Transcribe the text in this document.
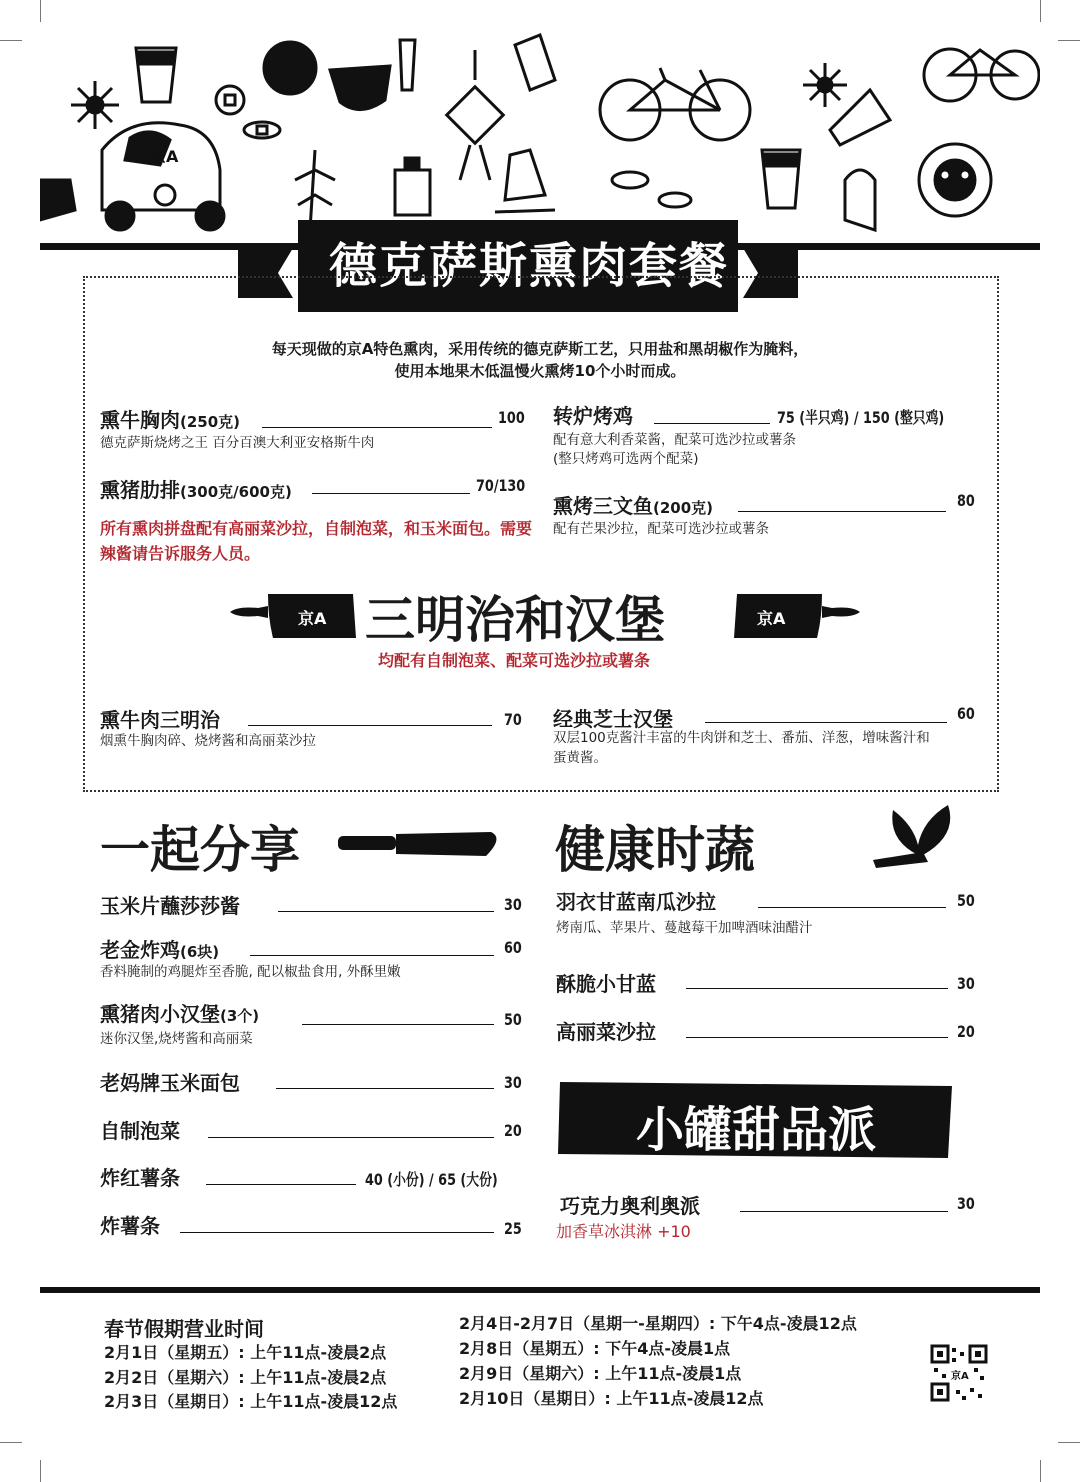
京A
德克萨斯熏肉套餐
每天现做的京A特色熏肉，采用传统的德克萨斯工艺，只用盐和黑胡椒作为腌料，
使用本地果木低温慢火熏烤10个小时而成。
熏牛胸肉(250克)	100
德克萨斯烧烤之王 百分百澳大利亚安格斯牛肉
熏猪肋排(300克/600克)	70/130
所有熏肉拼盘配有高丽菜沙拉，自制泡菜，和玉米面包。需要辣酱请告诉服务人员。
转炉烤鸡	75 (半只鸡) / 150 (整只鸡)
配有意大利香菜酱，配菜可选沙拉或薯条
(整只烤鸡可选两个配菜)
熏烤三文鱼(200克)	80
配有芒果沙拉，配菜可选沙拉或薯条
京A	京A
三明治和汉堡
均配有自制泡菜、配菜可选沙拉或薯条
熏牛肉三明治	70
烟熏牛胸肉碎、烧烤酱和高丽菜沙拉
经典芝士汉堡	60
双层100克酱汁丰富的牛肉饼和芝士、番茄、洋葱，增味酱汁和蛋黄酱。
一起分享
玉米片蘸莎莎酱	30
老金炸鸡(6块)	60
香料腌制的鸡腿炸至香脆, 配以椒盐食用, 外酥里嫩
熏猪肉小汉堡(3个)	50
迷你汉堡,烧烤酱和高丽菜
老妈牌玉米面包	30
自制泡菜	20
炸红薯条	40 (小份) / 65 (大份)
炸薯条	25
健康时蔬
羽衣甘蓝南瓜沙拉	50
烤南瓜、苹果片、蔓越莓干加啤酒味油醋汁
酥脆小甘蓝	30
高丽菜沙拉	20
小罐甜品派
巧克力奥利奥派	30
加香草冰淇淋 +10
春节假期营业时间
2月1日（星期五）: 上午11点-凌晨2点
2月2日（星期六）: 上午11点-凌晨2点
2月3日（星期日）: 上午11点-凌晨12点
2月4日-2月7日（星期一-星期四）: 下午4点-凌晨12点
2月8日（星期五）: 下午4点-凌晨1点
2月9日（星期六）: 上午11点-凌晨1点
2月10日（星期日）: 上午11点-凌晨12点
京A
